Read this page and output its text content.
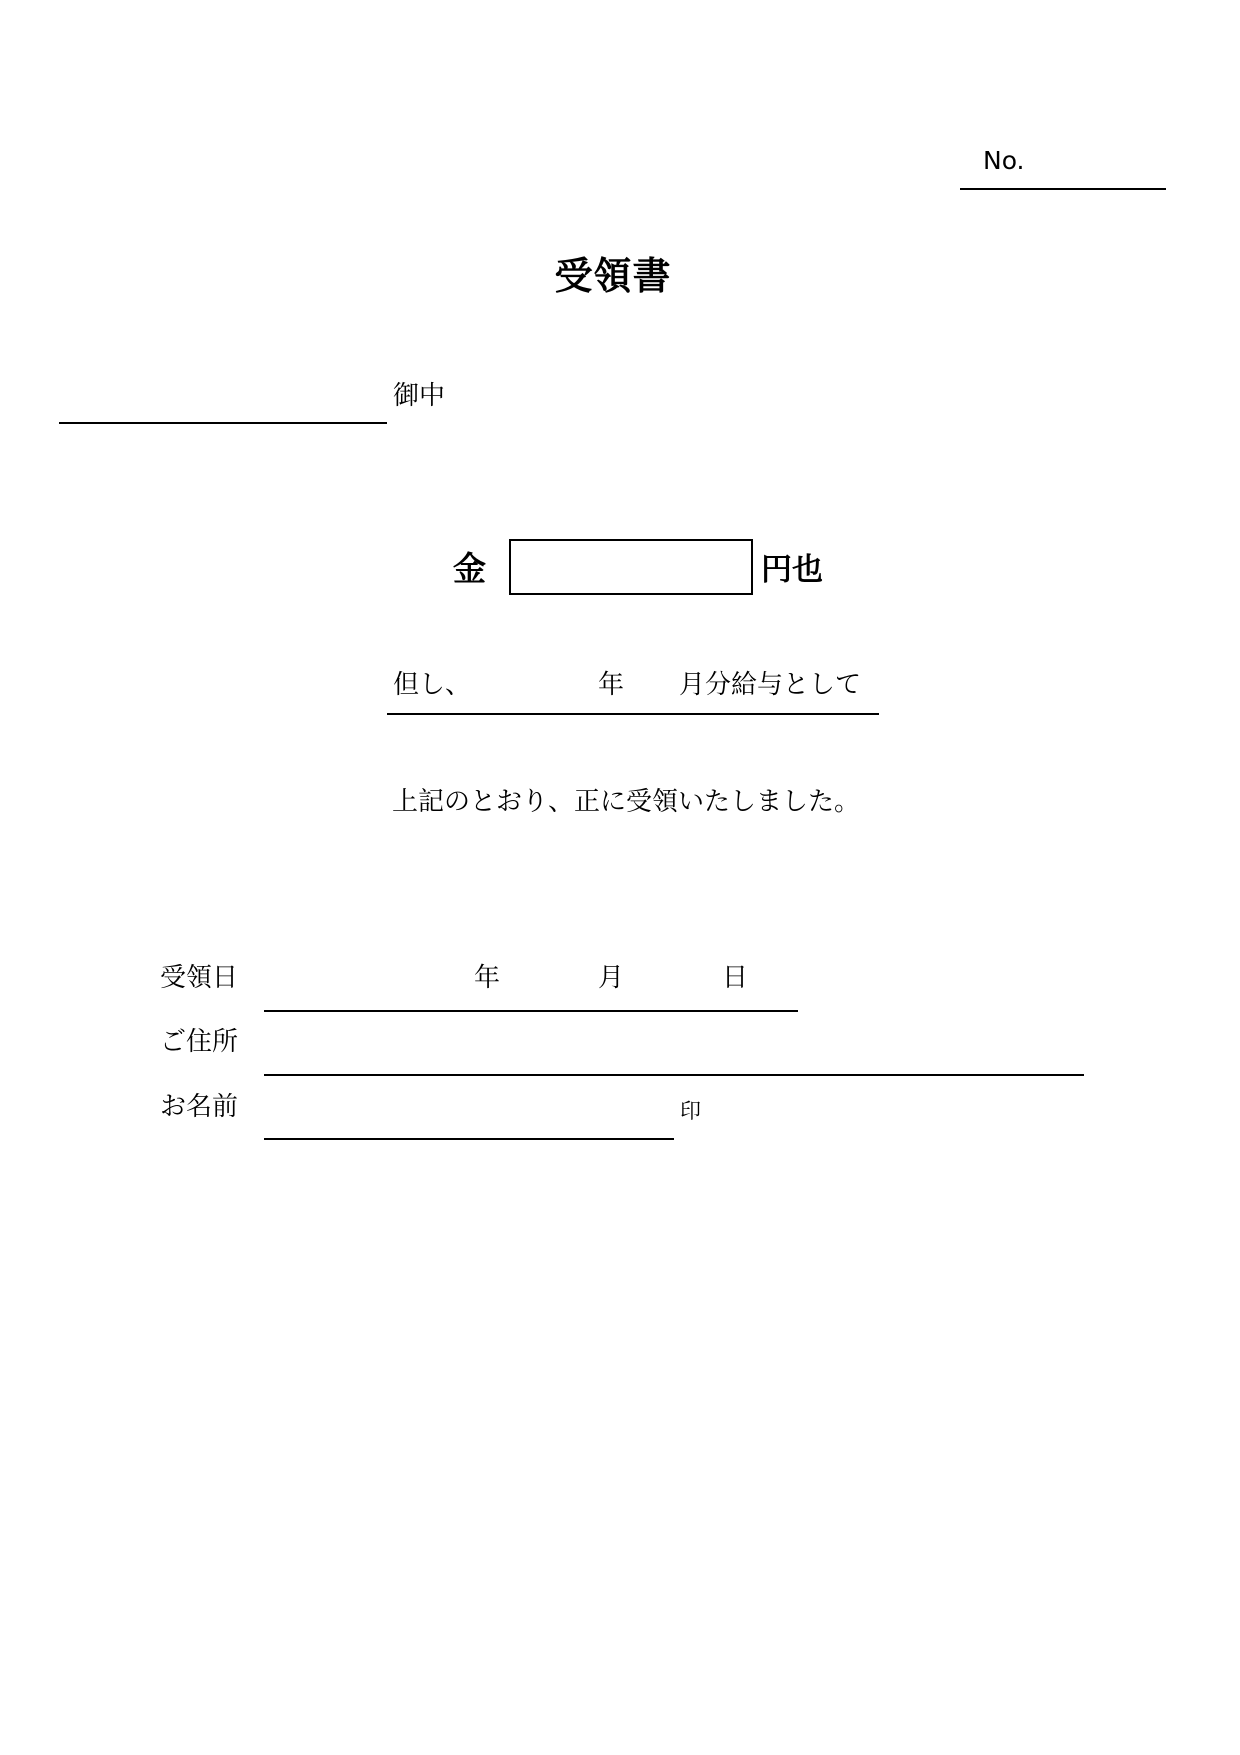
No.
受領書
御中
金	円也
但し、	年 月分給与として
上記のとおり、正に受領いたしました。
受領日	年	月	日
ご住所
お名前	印
